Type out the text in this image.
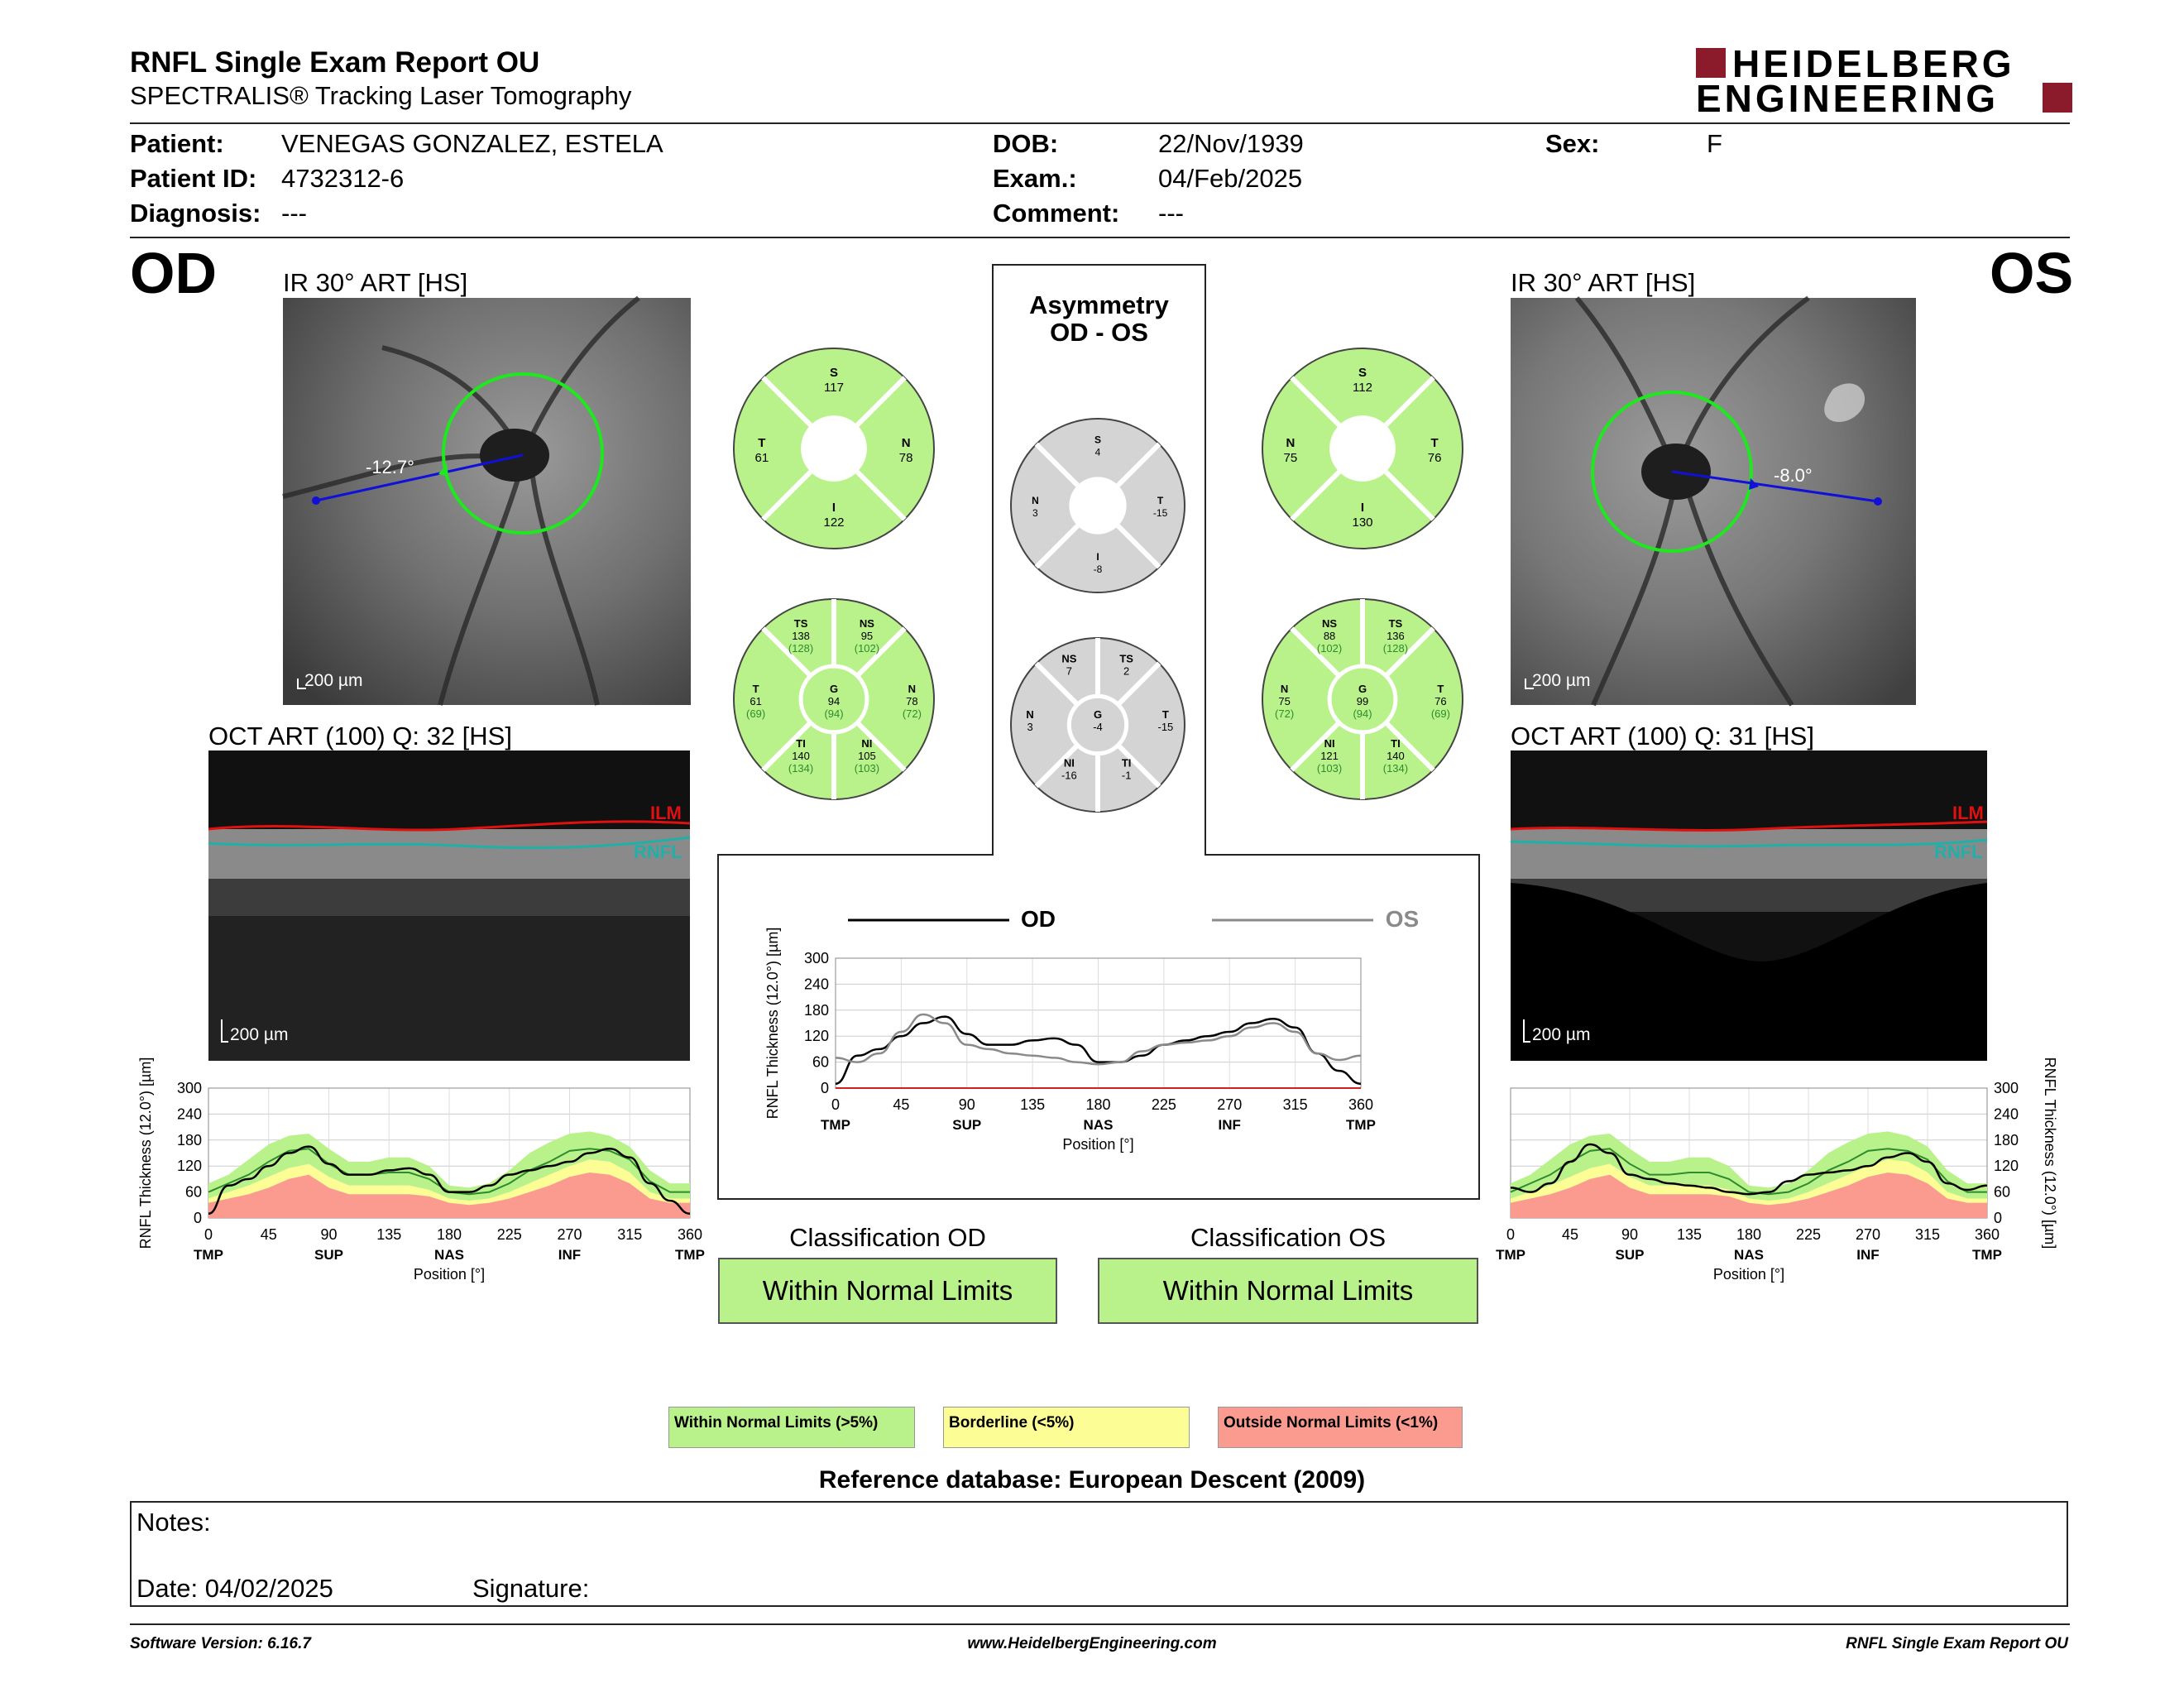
RNFL Single Exam Report OU
SPECTRALIS® Tracking Laser Tomography
HEIDELBERG
ENGINEERING
Patient: VENEGAS GONZALEZ, ESTELA
Patient ID: 4732312-6
Diagnosis: ---
DOB:	22/Nov/1939
Exam.:	04/Feb/2025
Comment: ---
Sex:	F
OD	OS
IR 30° ART [HS]
-12.7°
200 µm
IR 30° ART [HS]
-8.0°
200 µm
OCT ART (100) Q: 32 [HS]
ILM
RNFL
200 µm
OCT ART (100) Q: 31 [HS]
ILM
RNFL
200 µm
Asymmetry
OD - OS
S
117
T
61
N
78
I
122
S
112
N
75
T
76
I
130
S
4
N
3
T
-15
I
-8
TS
138
(128)
NS
95
(102)
T
61
(69)
G
94
(94)
N
78
(72)
TI
140
(134)
NI
105
(103)
NS
88
(102)
TS
136
(128)
N
75
(72)
G
99
(94)
T
76
(69)
NI
121
(103)
TI
140
(134)
NS
7
TS
2
N
3
G
-4
T
-15
NI
-16
TI
-1
0
60
120
180
240
300
0	45	90	135 180 225 270 315 360
TMP	SUP	NAS	INF	TMP
Position [°]
RNFL Thickness (12.0°) [µm]	0
60
120
180
240
300
0	45	90	135 180 225 270 315 360
TMP	SUP	NAS	INF	TMP
Position [°]
RNFL Thickness (12.0°) [µm]
0
60
120
180
240
300
0	45	90	135	180	225	270	315	360
TMP	SUP	NAS	INF	TMP
Position [°]
RNFL Thickness (12.0°) [µm]
OD	OS
Classification OD
Within Normal Limits
Classification OS
Within Normal Limits
Within Normal Limits (>5%)	Borderline (<5%)	Outside Normal Limits (<1%)
Reference database: European Descent (2009)
Notes:
Date: 04/02/2025	Signature:
Software Version: 6.16.7	www.HeidelbergEngineering.com	RNFL Single Exam Report OU
